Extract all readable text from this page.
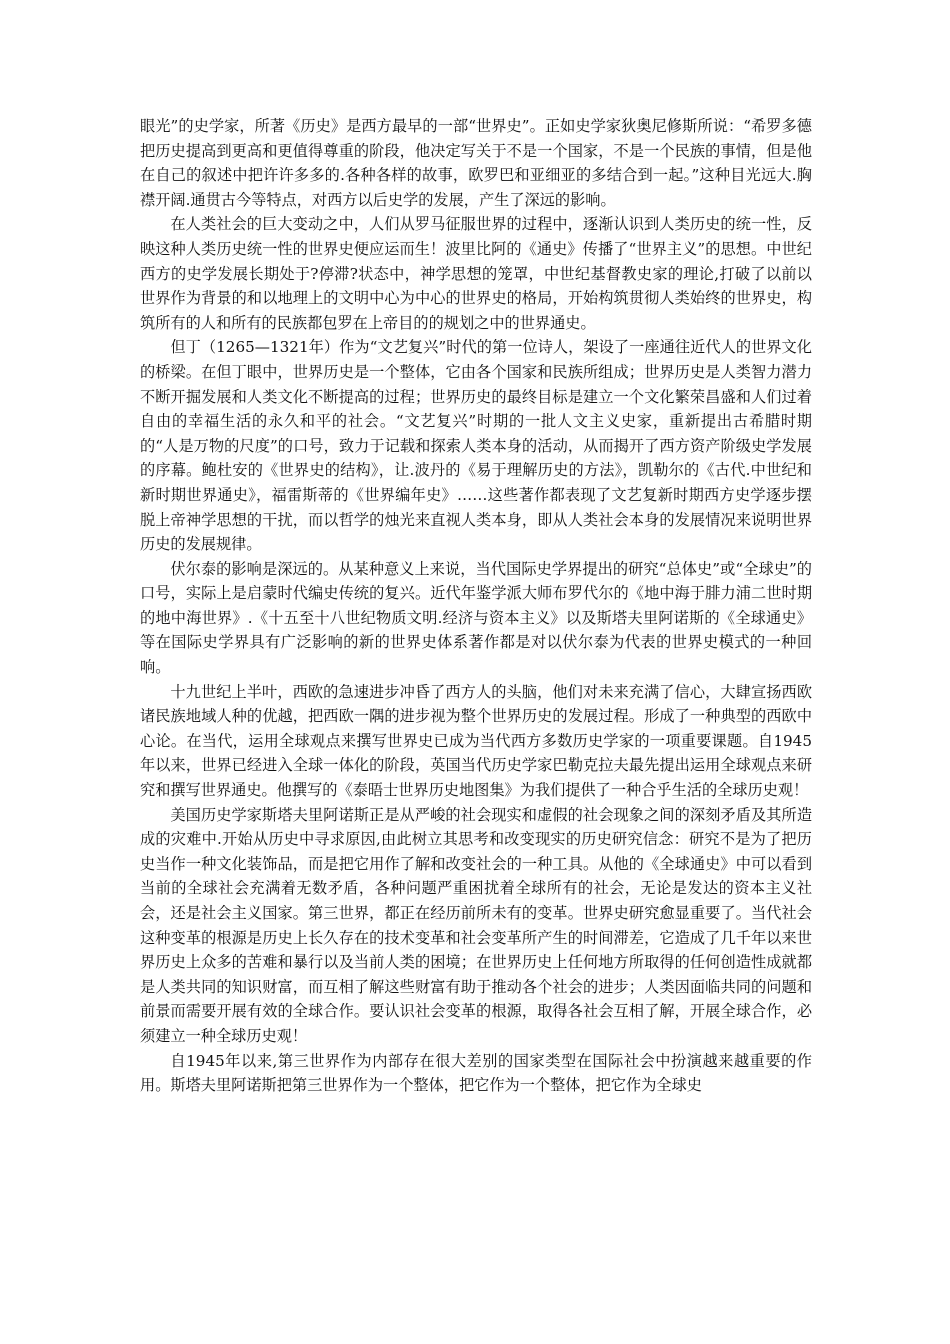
眼光”的史学家，所著《历史》是西方最早的一部“世界史”。正如史学家狄奥尼修斯所说：“希罗多德把历史提高到更高和更值得尊重的阶段，他决定写关于不是一个国家，不是一个民族的事情，但是他在自己的叙述中把许许多多的.各种各样的故事，欧罗巴和亚细亚的多结合到一起。”这种目光远大.胸襟开阔.通贯古今等特点，对西方以后史学的发展，产生了深远的影响。

在人类社会的巨大变动之中，人们从罗马征服世界的过程中，逐渐认识到人类历史的统一性，反映这种人类历史统一性的世界史便应运而生！波里比阿的《通史》传播了“世界主义”的思想。中世纪西方的史学发展长期处于?停滞?状态中，神学思想的笼罩，中世纪基督教史家的理论,打破了以前以世界作为背景的和以地理上的文明中心为中心的世界史的格局，开始构筑贯彻人类始终的世界史，构筑所有的人和所有的民族都包罗在上帝目的的规划之中的世界通史。

但丁（1265—1321年）作为“文艺复兴”时代的第一位诗人，架设了一座通往近代人的世界文化的桥梁。在但丁眼中，世界历史是一个整体，它由各个国家和民族所组成；世界历史是人类智力潜力不断开掘发展和人类文化不断提高的过程；世界历史的最终目标是建立一个文化繁荣昌盛和人们过着自由的幸福生活的永久和平的社会。“文艺复兴”时期的一批人文主义史家，重新提出古希腊时期的“人是万物的尺度”的口号，致力于记载和探索人类本身的活动，从而揭开了西方资产阶级史学发展的序幕。鲍杜安的《世界史的结构》，让.波丹的《易于理解历史的方法》，凯勒尔的《古代.中世纪和新时期世界通史》，福雷斯蒂的《世界编年史》……这些著作都表现了文艺复新时期西方史学逐步摆脱上帝神学思想的干扰，而以哲学的烛光来直视人类本身，即从人类社会本身的发展情况来说明世界历史的发展规律。

伏尔泰的影响是深远的。从某种意义上来说，当代国际史学界提出的研究“总体史”或“全球史”的口号，实际上是启蒙时代编史传统的复兴。近代年鉴学派大师布罗代尔的《地中海于腓力浦二世时期的地中海世界》.《十五至十八世纪物质文明.经济与资本主义》以及斯塔夫里阿诺斯的《全球通史》等在国际史学界具有广泛影响的新的世界史体系著作都是对以伏尔泰为代表的世界史模式的一种回响。

十九世纪上半叶，西欧的急速进步冲昏了西方人的头脑，他们对未来充满了信心，大肆宣扬西欧诸民族地域人种的优越，把西欧一隅的进步视为整个世界历史的发展过程。形成了一种典型的西欧中心论。在当代，运用全球观点来撰写世界史已成为当代西方多数历史学家的一项重要课题。自1945年以来，世界已经进入全球一体化的阶段，英国当代历史学家巴勒克拉夫最先提出运用全球观点来研究和撰写世界通史。他撰写的《泰晤士世界历史地图集》为我们提供了一种合乎生活的全球历史观！

美国历史学家斯塔夫里阿诺斯正是从严峻的社会现实和虚假的社会现象之间的深刻矛盾及其所造成的灾难中.开始从历史中寻求原因,由此树立其思考和改变现实的历史研究信念：研究不是为了把历史当作一种文化装饰品，而是把它用作了解和改变社会的一种工具。从他的《全球通史》中可以看到当前的全球社会充满着无数矛盾，各种问题严重困扰着全球所有的社会，无论是发达的资本主义社会，还是社会主义国家。第三世界，都正在经历前所未有的变革。世界史研究愈显重要了。当代社会这种变革的根源是历史上长久存在的技术变革和社会变革所产生的时间滞差，它造成了几千年以来世界历史上众多的苦难和暴行以及当前人类的困境；在世界历史上任何地方所取得的任何创造性成就都是人类共同的知识财富，而互相了解这些财富有助于推动各个社会的进步；人类因面临共同的问题和前景而需要开展有效的全球合作。要认识社会变革的根源，取得各社会互相了解，开展全球合作，必须建立一种全球历史观！

自1945年以来,第三世界作为内部存在很大差别的国家类型在国际社会中扮演越来越重要的作用。斯塔夫里阿诺斯把第三世界作为一个整体，把它作为一个整体，把它作为全球史
